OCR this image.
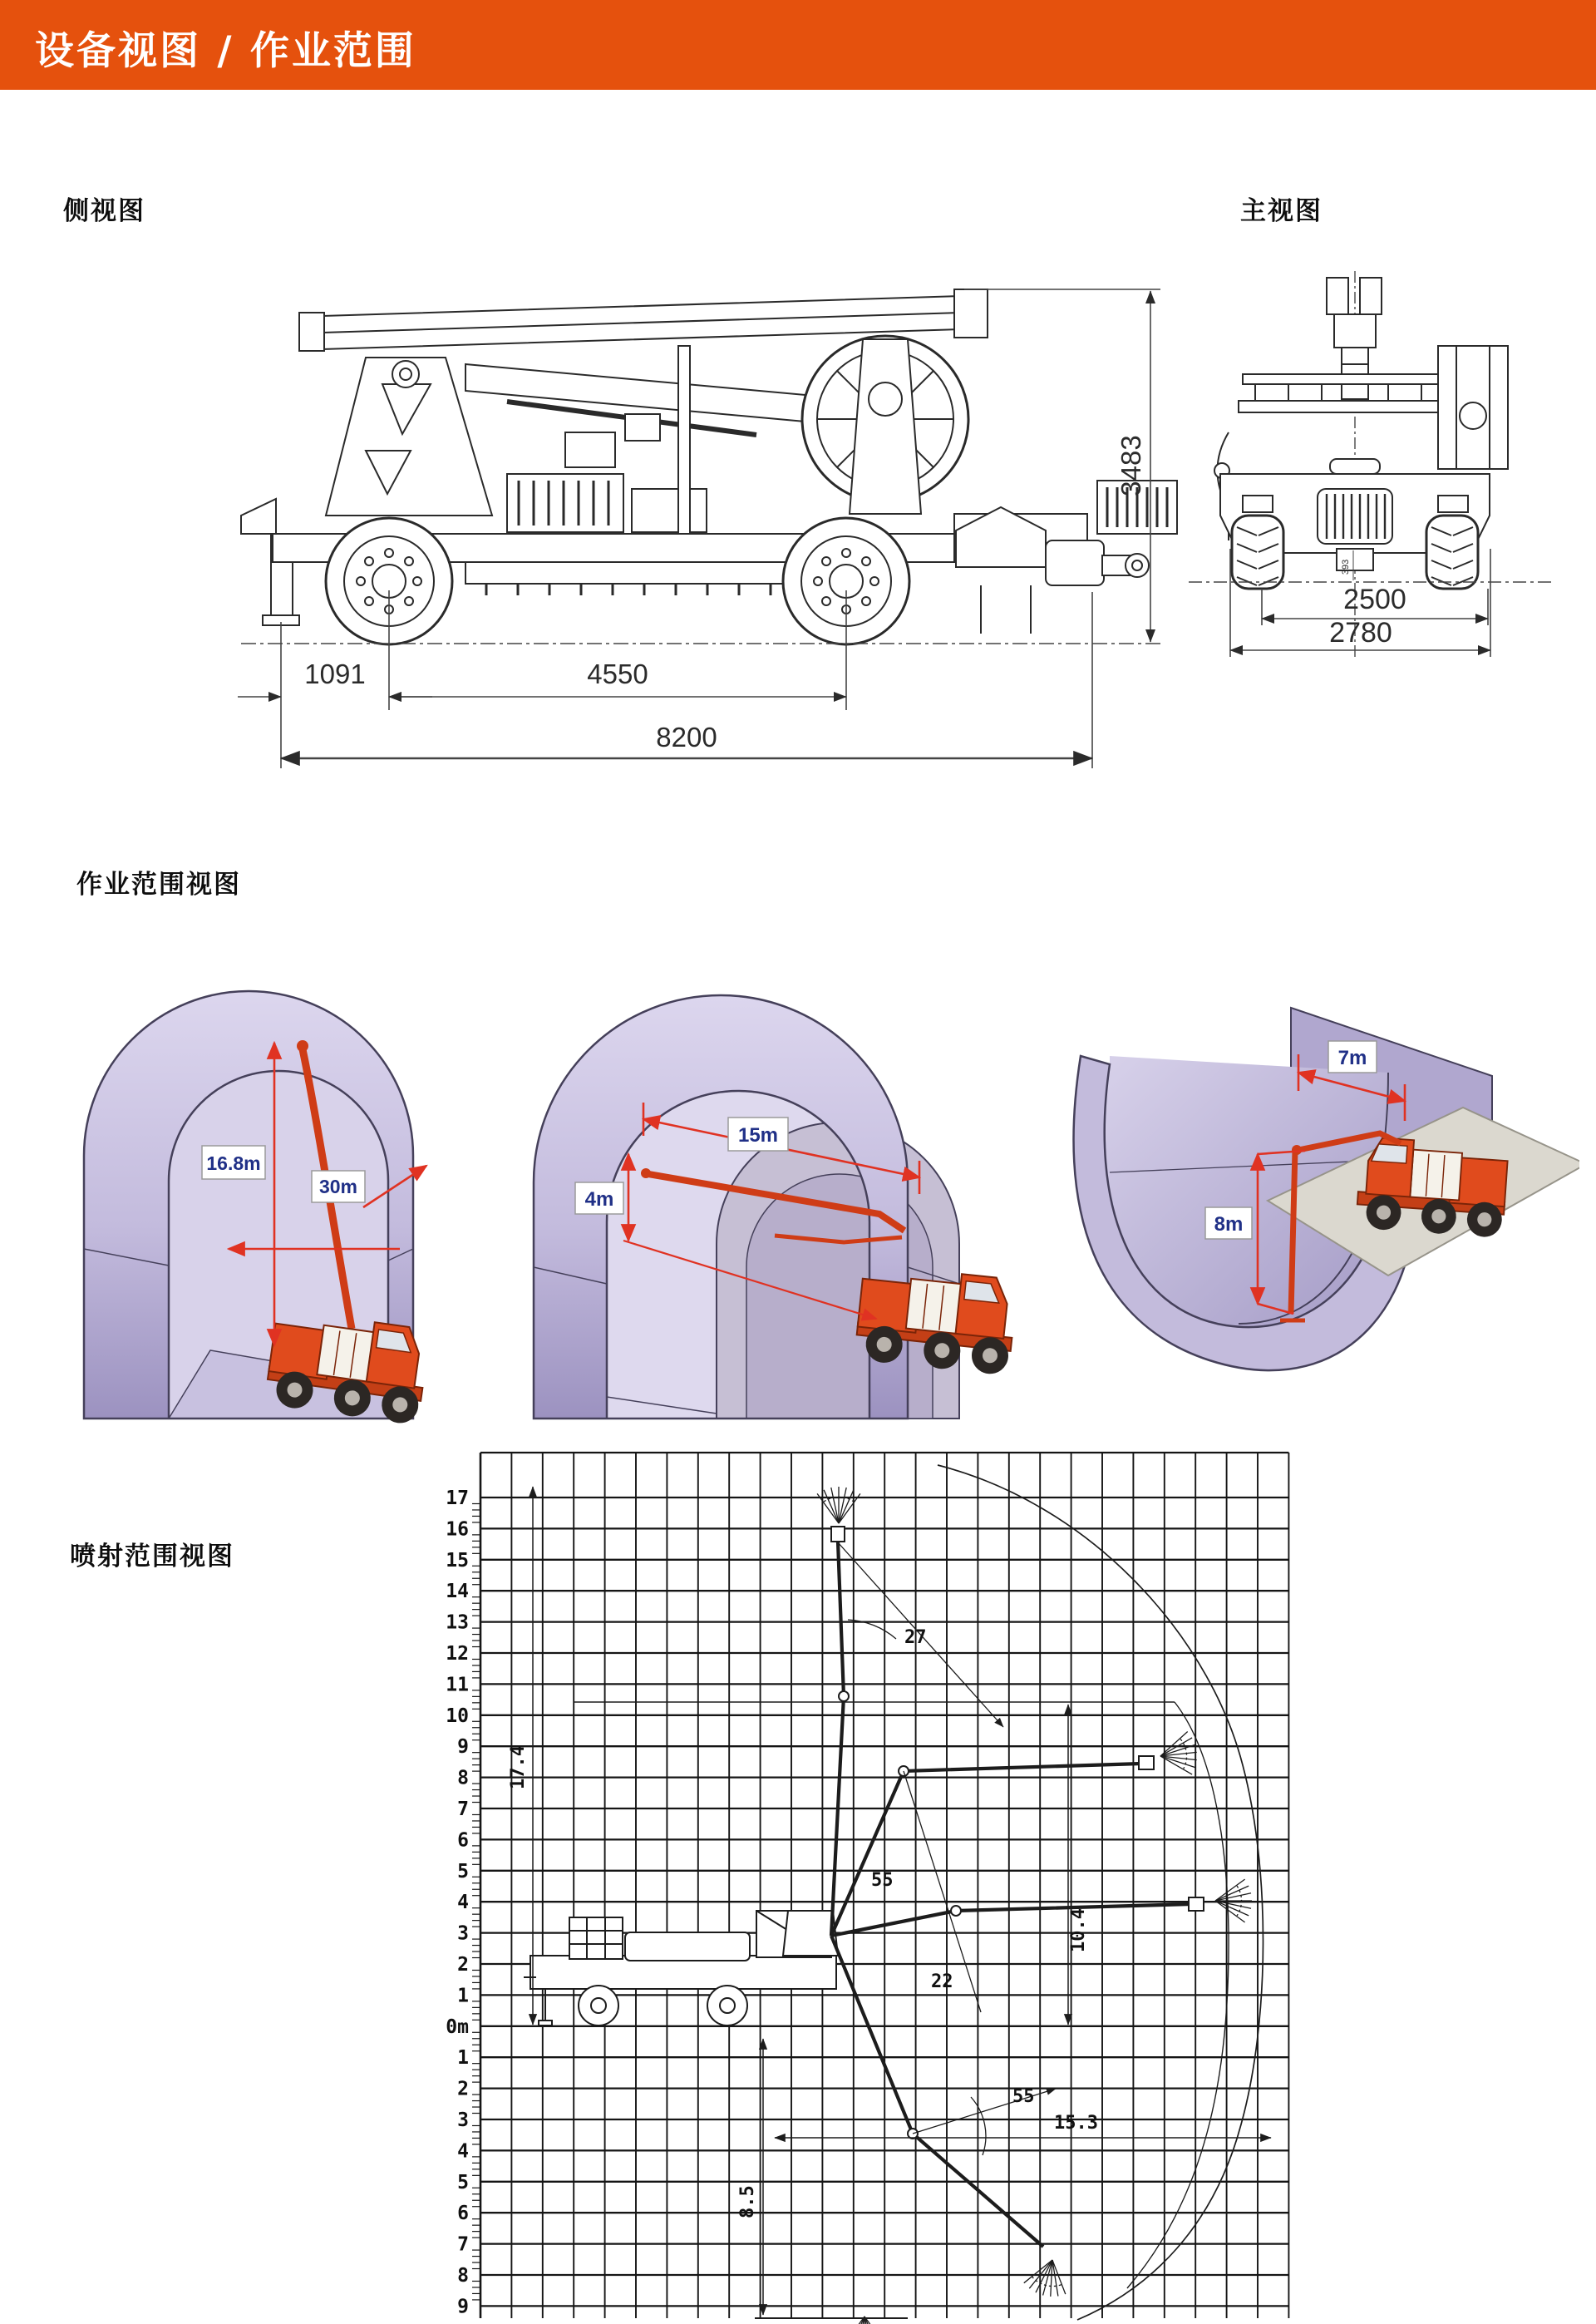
设备视图 / 作业范围
侧视图	主视图
作业范围视图
喷射范围视图
1091	4550
8200
3483
2500
2780
393
16.8m
30m
15m
4m
7m
8m
17
16
15
14
13
12
11
10
9
8
7
6
5
4
3
2
1
0m
1
2
3
4
5
6
7
8
9
17.4
27
55
10.4
22
55
15.3
8.5
